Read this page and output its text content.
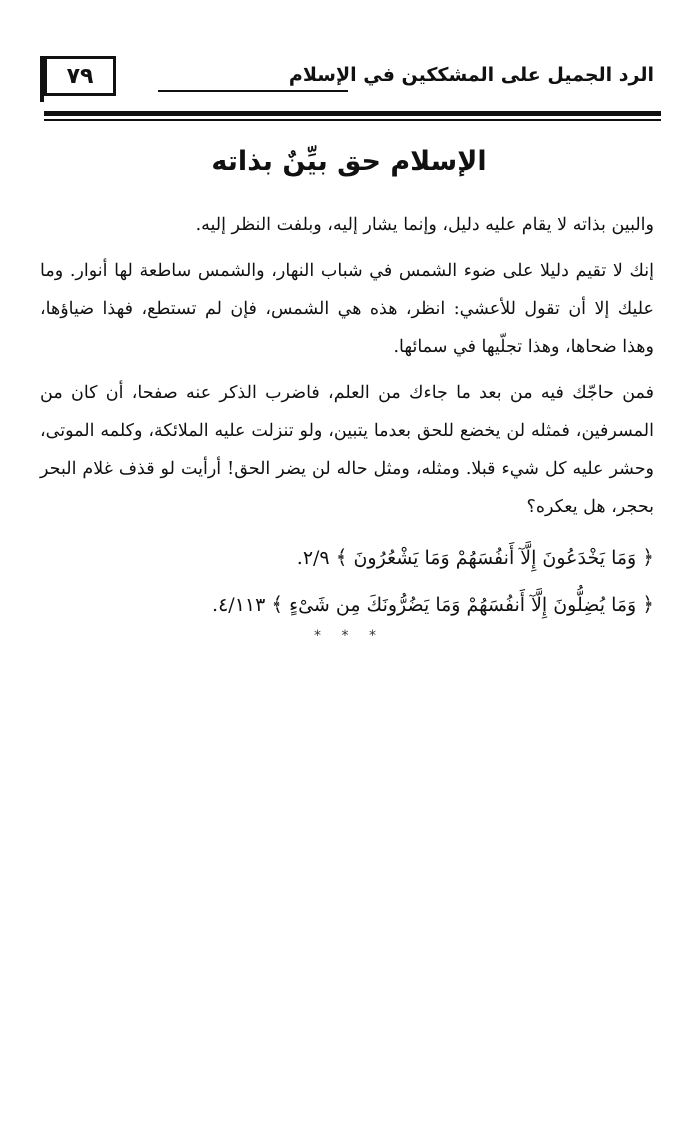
٧٩	الرد الجميل على المشككين في الإسلام
الإسلام حق بيِّنٌ بذاته

والبين بذاته لا يقام عليه دليل، وإنما يشار إليه، وبلفت النظر إليه.

إنك لا تقيم دليلا على ضوء الشمس في شباب النهار، والشمس ساطعة لها أنوار. وما عليك إلا أن تقول للأعشي: انظر، هذه هي الشمس، فإن لم تستطع، فهذا ضياؤها، وهذا ضحاها، وهذا تجلّيها في سمائها.

فمن حاجّك فيه من بعد ما جاءك من العلم، فاضرب الذكر عنه صفحا، أن كان من المسرفين، فمثله لن يخضع للحق بعدما يتبين، ولو تنزلت عليه الملائكة، وكلمه الموتى، وحشر عليه كل شيء قبلا. ومثله، ومثل حاله لن يضر الحق! أرأيت لو قذف غلام البحر بحجر، هل يعكره؟

﴿ وَمَا يَخْدَعُونَ إِلَّآ أَنفُسَهُمْ وَمَا يَشْعُرُونَ ﴾ ٢/٩.
﴿ وَمَا يُضِلُّونَ إِلَّآ أَنفُسَهُمْ وَمَا يَضُرُّونَكَ مِن شَىْءٍ ﴾ ٤/١١٣.
* * *
